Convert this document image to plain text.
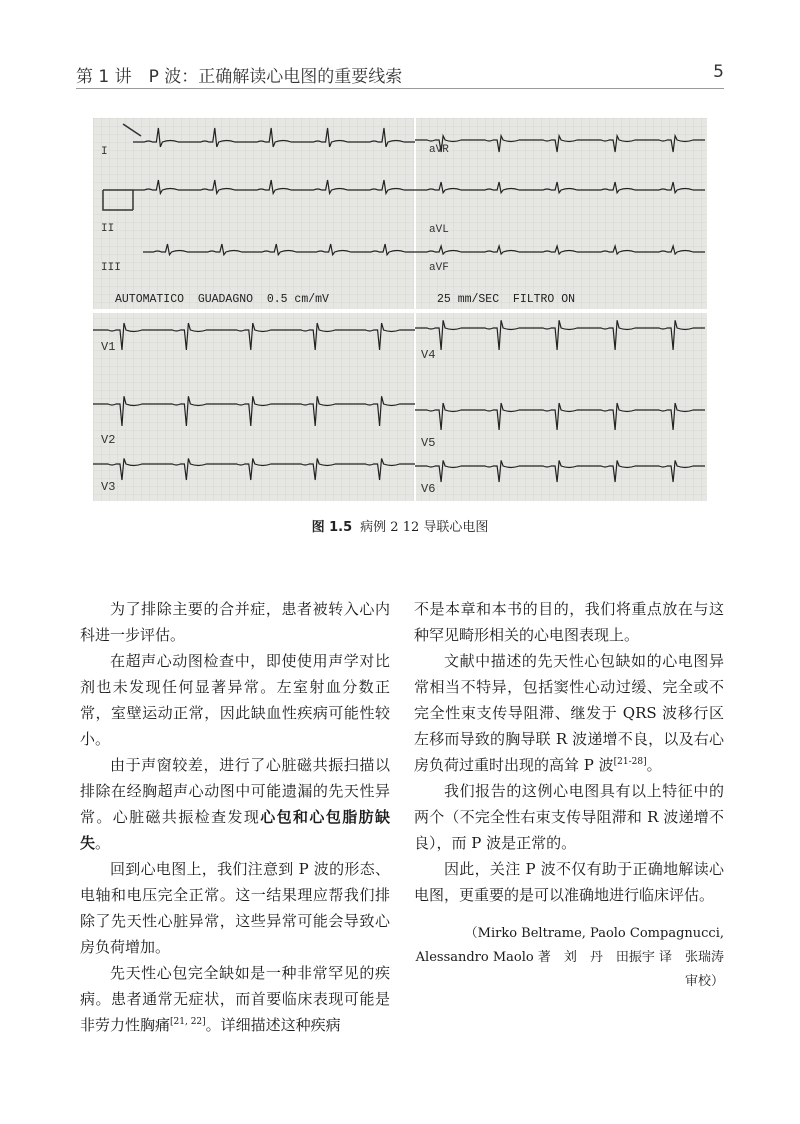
第 1 讲　P 波：正确解读心电图的重要线索	5
I
II
III
aVR
aVL
aVF
V1
V2
V3
V4
V5
V6
AUTOMATICO  GUADAGNO  0.5 cm/mV	25 mm/SEC  FILTRO ON
图 1.5 病例 2 12 导联心电图

为了排除主要的合并症，患者被转入心内科进一步评估。

在超声心动图检查中，即使使用声学对比剂也未发现任何显著异常。左室射血分数正常，室壁运动正常，因此缺血性疾病可能性较小。

由于声窗较差，进行了心脏磁共振扫描以排除在经胸超声心动图中可能遗漏的先天性异常。心脏磁共振检查发现心包和心包脂肪缺失。

回到心电图上，我们注意到 P 波的形态、电轴和电压完全正常。这一结果理应帮我们排除了先天性心脏异常，这些异常可能会导致心房负荷增加。

先天性心包完全缺如是一种非常罕见的疾病。患者通常无症状，而首要临床表现可能是非劳力性胸痛[21, 22]。详细描述这种疾病

不是本章和本书的目的，我们将重点放在与这种罕见畸形相关的心电图表现上。

文献中描述的先天性心包缺如的心电图异常相当不特异，包括窦性心动过缓、完全或不完全性束支传导阻滞、继发于 QRS 波移行区左移而导致的胸导联 R 波递增不良，以及右心房负荷过重时出现的高耸 P 波[21-28]。

我们报告的这例心电图具有以上特征中的两个（不完全性右束支传导阻滞和 R 波递增不良），而 P 波是正常的。

因此，关注 P 波不仅有助于正确地解读心电图，更重要的是可以准确地进行临床评估。

（Mirko Beltrame, Paolo Compagnucci, Alessandro Maolo 著　刘　丹　田振宇 译　张瑞涛 审校）
